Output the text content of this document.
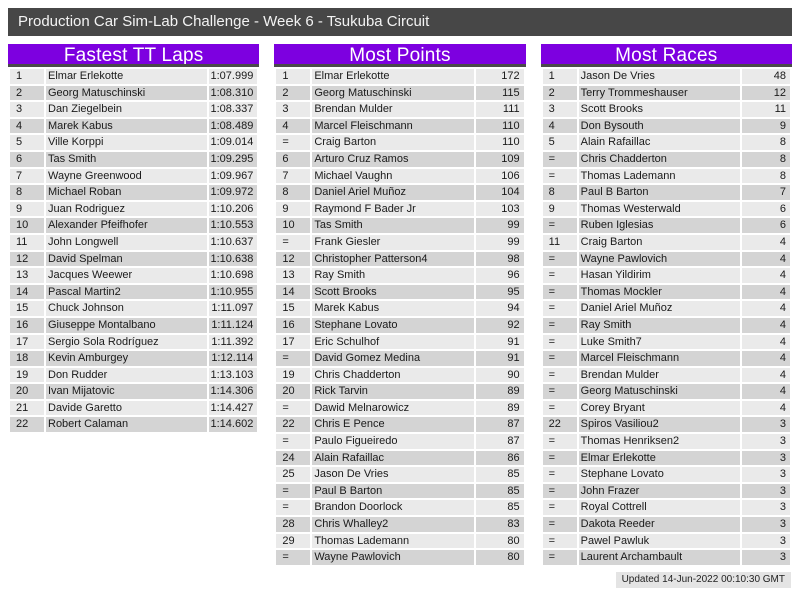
Production Car Sim-Lab Challenge - Week 6 - Tsukuba Circuit
Fastest TT Laps
1	Elmar Erlekotte	1:07.999
2	Georg Matuschinski	1:08.310
3	Dan Ziegelbein	1:08.337
4	Marek Kabus	1:08.489
5	Ville Korppi	1:09.014
6	Tas Smith	1:09.295
7	Wayne Greenwood	1:09.967
8	Michael Roban	1:09.972
9	Juan Rodriguez	1:10.206
10	Alexander Pfeifhofer	1:10.553
11	John Longwell	1:10.637
12	David Spelman	1:10.638
13	Jacques Weewer	1:10.698
14	Pascal Martin2	1:10.955
15	Chuck Johnson	1:11.097
16	Giuseppe Montalbano	1:11.124
17	Sergio Sola Rodríguez	1:11.392
18	Kevin Amburgey	1:12.114
19	Don Rudder	1:13.103
20	Ivan Mijatovic	1:14.306
21	Davide Garetto	1:14.427
22	Robert Calaman	1:14.602
Most Points
1	Elmar Erlekotte	172
2	Georg Matuschinski	115
3	Brendan Mulder	111
4	Marcel Fleischmann	110
=	Craig Barton	110
6	Arturo Cruz Ramos	109
7	Michael Vaughn	106
8	Daniel Ariel Muñoz	104
9	Raymond F Bader Jr	103
10	Tas Smith	99
=	Frank Giesler	99
12	Christopher Patterson4	98
13	Ray Smith	96
14	Scott Brooks	95
15	Marek Kabus	94
16	Stephane Lovato	92
17	Eric Schulhof	91
=	David Gomez Medina	91
19	Chris Chadderton	90
20	Rick Tarvin	89
=	Dawid Melnarowicz	89
22	Chris E Pence	87
=	Paulo Figueiredo	87
24	Alain Rafaillac	86
25	Jason De Vries	85
=	Paul B Barton	85
=	Brandon Doorlock	85
28	Chris Whalley2	83
29	Thomas Lademann	80
=	Wayne Pawlovich	80
Most Races
1	Jason De Vries	48
2	Terry Trommeshauser	12
3	Scott Brooks	11
4	Don Bysouth	9
5	Alain Rafaillac	8
=	Chris Chadderton	8
=	Thomas Lademann	8
8	Paul B Barton	7
9	Thomas Westerwald	6
=	Ruben Iglesias	6
11	Craig Barton	4
=	Wayne Pawlovich	4
=	Hasan Yildirim	4
=	Thomas Mockler	4
=	Daniel Ariel Muñoz	4
=	Ray Smith	4
=	Luke Smith7	4
=	Marcel Fleischmann	4
=	Brendan Mulder	4
=	Georg Matuschinski	4
=	Corey Bryant	4
22	Spiros Vasiliou2	3
=	Thomas Henriksen2	3
=	Elmar Erlekotte	3
=	Stephane Lovato	3
=	John Frazer	3
=	Royal Cottrell	3
=	Dakota Reeder	3
=	Pawel Pawluk	3
=	Laurent Archambault	3
Updated 14-Jun-2022 00:10:30 GMT
